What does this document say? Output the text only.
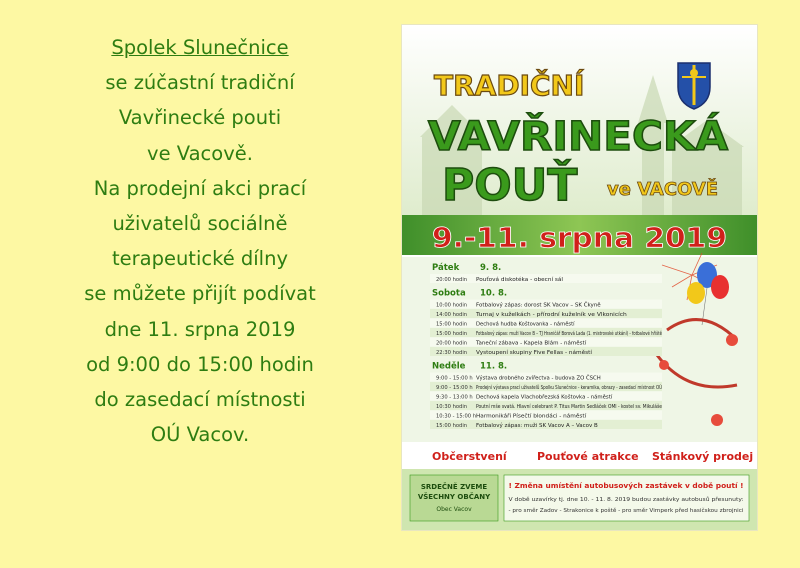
Spolek Slunečnice
se zúčastní tradiční
Vavřinecké pouti
ve Vacově.
Na prodejní akci prací
uživatelů sociálně
terapeutické dílny
se můžete přijít podívat
dne 11. srpna 2019
od 9:00 do 15:00 hodin
do zasedací místnosti
OÚ Vacov.
TRADIČNÍ
VAVŘINECKÁ
POUŤ ve VACOVĚ
9.-11. srpna 2019
Pátek 9. 8.
20:00 hodin Pouťová diskotéka - obecní sál
Sobota 10. 8.
10:00 hodin Fotbalový zápas: dorost SK Vacov – SK Čkyně
14:00 hodin Turnaj v kuželkách - přírodní kuželník ve Vlkonicích
15:00 hodin Dechová hudba Koštovanka - náměstí
15:00 hodin Fotbalový zápas: muži Vacov B – TJ Hraničář Borová Lada (1. mistrovské utkání) - fotbalové hřiště
20:00 hodin Taneční zábava - Kapela Blám - náměstí
22:30 hodin Vystoupení skupiny Five Fellas - náměstí
Neděle 11. 8.
9:00 - 15:00 h Výstava drobného zvířectva - budova ZO ČSCH
9:00 - 15:00 h Prodejní výstava prací uživatelů Spolku Slunečnice - keramika, obrazy - zasedací místnost OÚ
9:30 - 13:00 h Dechová kapela Vlachobřezská Koštovka - náměstí
10:30 hodin Poutní mše svatá. Hlavní celebrant P. Titus Martin Sedláček OMI - kostel sv. Mikuláše
10:30 - 15:00 h Harmonikáři Písečtí blondáci - náměstí
15:00 hodin Fotbalový zápas: muži SK Vacov A – Vacov B
Občerstvení	Pouťové atrakce Stánkový prodej
SRDEČNĚ ZVEME
VŠECHNY OBČANY
Obec Vacov
! Změna umístění autobusových zastávek v době poutí !
V době uzavírky tj. dne 10. - 11. 8. 2019 budou zastávky autobusů přesunuty:
- pro směr Zadov - Strakonice k poště - pro směr Vimperk před hasičskou zbrojnici
